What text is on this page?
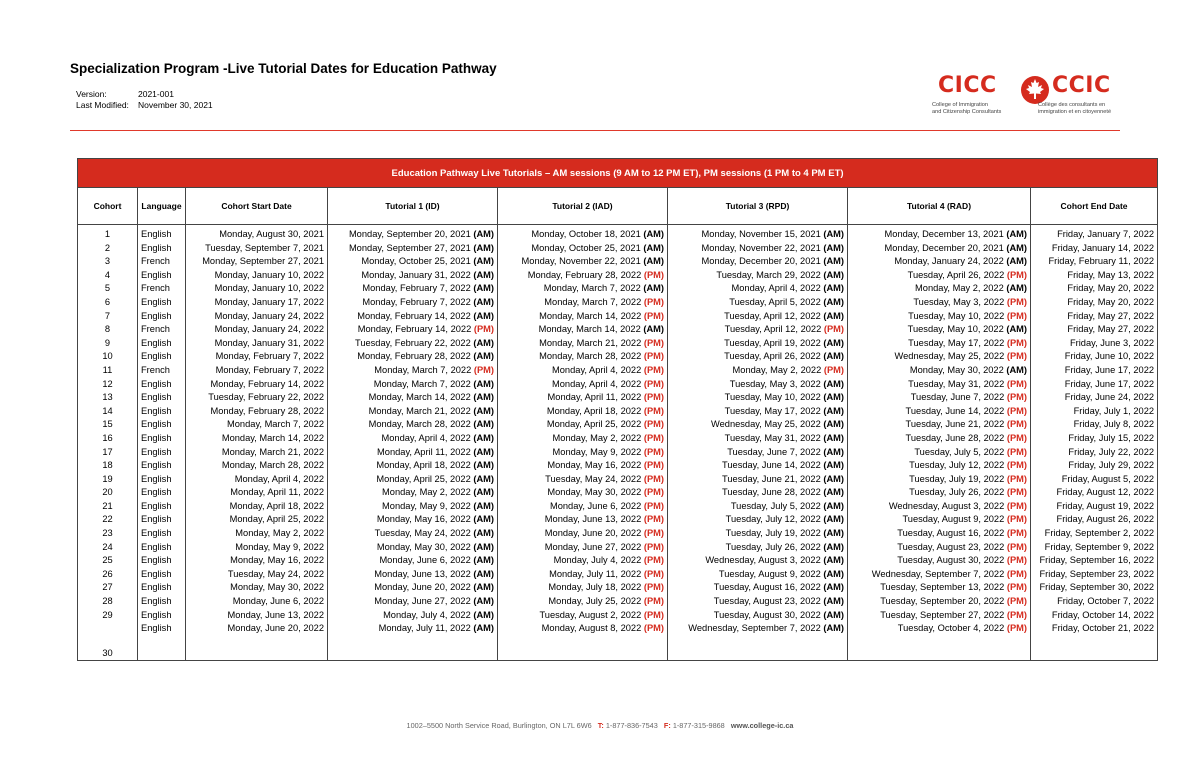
Specialization Program -Live Tutorial Dates for Education Pathway
Version:	2021-001
Last Modified: November 30, 2021
CICC	CCIC
College of Immigration
and Citizenship Consultants
Collège des consultants en
immigration et en citoyenneté
Education Pathway Live Tutorials – AM sessions (9 AM to 12 PM ET), PM sessions (1 PM to 4 PM ET)							
Cohort	Language	Cohort Start Date	Tutorial 1 (ID)	Tutorial 2 (IAD)	Tutorial 3 (RPD)	Tutorial 4 (RAD)	Cohort End Date
1	English	Monday, August 30, 2021	Monday, September 20, 2021 (AM)	Monday, October 18, 2021 (AM)	Monday, November 15, 2021 (AM)	Monday, December 13, 2021 (AM)	Friday, January 7, 2022
2	English	Tuesday, September 7, 2021	Monday, September 27, 2021 (AM)	Monday, October 25, 2021 (AM)	Monday, November 22, 2021 (AM)	Monday, December 20, 2021 (AM)	Friday, January 14, 2022
3	French	Monday, September 27, 2021	Monday, October 25, 2021 (AM)	Monday, November 22, 2021 (AM)	Monday, December 20, 2021 (AM)	Monday, January 24, 2022 (AM)	Friday, February 11, 2022
4	English	Monday, January 10, 2022	Monday, January 31, 2022 (AM)	Monday, February 28, 2022 (PM)	Tuesday, March 29, 2022 (AM)	Tuesday, April 26, 2022 (PM)	Friday, May 13, 2022
5	French	Monday, January 10, 2022	Monday, February 7, 2022 (AM)	Monday, March 7, 2022 (AM)	Monday, April 4, 2022 (AM)	Monday, May 2, 2022 (AM)	Friday, May 20, 2022
6	English	Monday, January 17, 2022	Monday, February 7, 2022 (AM)	Monday, March 7, 2022 (PM)	Tuesday, April 5, 2022 (AM)	Tuesday, May 3, 2022 (PM)	Friday, May 20, 2022
7	English	Monday, January 24, 2022	Monday, February 14, 2022 (AM)	Monday, March 14, 2022 (PM)	Tuesday, April 12, 2022 (AM)	Tuesday, May 10, 2022 (PM)	Friday, May 27, 2022
8	French	Monday, January 24, 2022	Monday, February 14, 2022 (PM)	Monday, March 14, 2022 (AM)	Tuesday, April 12, 2022 (PM)	Tuesday, May 10, 2022 (AM)	Friday, May 27, 2022
9	English	Monday, January 31, 2022	Tuesday, February 22, 2022 (AM)	Monday, March 21, 2022 (PM)	Tuesday, April 19, 2022 (AM)	Tuesday, May 17, 2022 (PM)	Friday, June 3, 2022
10	English	Monday, February 7, 2022	Monday, February 28, 2022 (AM)	Monday, March 28, 2022 (PM)	Tuesday, April 26, 2022 (AM)	Wednesday, May 25, 2022 (PM)	Friday, June 10, 2022
11	French	Monday, February 7, 2022	Monday, March 7, 2022 (PM)	Monday, April 4, 2022 (PM)	Monday, May 2, 2022 (PM)	Monday, May 30, 2022 (AM)	Friday, June 17, 2022
12	English	Monday, February 14, 2022	Monday, March 7, 2022 (AM)	Monday, April 4, 2022 (PM)	Tuesday, May 3, 2022 (AM)	Tuesday, May 31, 2022 (PM)	Friday, June 17, 2022
13	English	Tuesday, February 22, 2022	Monday, March 14, 2022 (AM)	Monday, April 11, 2022 (PM)	Tuesday, May 10, 2022 (AM)	Tuesday, June 7, 2022 (PM)	Friday, June 24, 2022
14	English	Monday, February 28, 2022	Monday, March 21, 2022 (AM)	Monday, April 18, 2022 (PM)	Tuesday, May 17, 2022 (AM)	Tuesday, June 14, 2022 (PM)	Friday, July 1, 2022
15	English	Monday, March 7, 2022	Monday, March 28, 2022 (AM)	Monday, April 25, 2022 (PM)	Wednesday, May 25, 2022 (AM)	Tuesday, June 21, 2022 (PM)	Friday, July 8, 2022
16	English	Monday, March 14, 2022	Monday, April 4, 2022 (AM)	Monday, May 2, 2022 (PM)	Tuesday, May 31, 2022 (AM)	Tuesday, June 28, 2022 (PM)	Friday, July 15, 2022
17	English	Monday, March 21, 2022	Monday, April 11, 2022 (AM)	Monday, May 9, 2022 (PM)	Tuesday, June 7, 2022 (AM)	Tuesday, July 5, 2022 (PM)	Friday, July 22, 2022
18	English	Monday, March 28, 2022	Monday, April 18, 2022 (AM)	Monday, May 16, 2022 (PM)	Tuesday, June 14, 2022 (AM)	Tuesday, July 12, 2022 (PM)	Friday, July 29, 2022
19	English	Monday, April 4, 2022	Monday, April 25, 2022 (AM)	Tuesday, May 24, 2022 (PM)	Tuesday, June 21, 2022 (AM)	Tuesday, July 19, 2022 (PM)	Friday, August 5, 2022
20	English	Monday, April 11, 2022	Monday, May 2, 2022 (AM)	Monday, May 30, 2022 (PM)	Tuesday, June 28, 2022 (AM)	Tuesday, July 26, 2022 (PM)	Friday, August 12, 2022
21	English	Monday, April 18, 2022	Monday, May 9, 2022 (AM)	Monday, June 6, 2022 (PM)	Tuesday, July 5, 2022 (AM)	Wednesday, August 3, 2022 (PM)	Friday, August 19, 2022
22	English	Monday, April 25, 2022	Monday, May 16, 2022 (AM)	Monday, June 13, 2022 (PM)	Tuesday, July 12, 2022 (AM)	Tuesday, August 9, 2022 (PM)	Friday, August 26, 2022
23	English	Monday, May 2, 2022	Tuesday, May 24, 2022 (AM)	Monday, June 20, 2022 (PM)	Tuesday, July 19, 2022 (AM)	Tuesday, August 16, 2022 (PM)	Friday, September 2, 2022
24	English	Monday, May 9, 2022	Monday, May 30, 2022 (AM)	Monday, June 27, 2022 (PM)	Tuesday, July 26, 2022 (AM)	Tuesday, August 23, 2022 (PM)	Friday, September 9, 2022
25	English	Monday, May 16, 2022	Monday, June 6, 2022 (AM)	Monday, July 4, 2022 (PM)	Wednesday, August 3, 2022 (AM)	Tuesday, August 30, 2022 (PM)	Friday, September 16, 2022
26	English	Tuesday, May 24, 2022	Monday, June 13, 2022 (AM)	Monday, July 11, 2022 (PM)	Tuesday, August 9, 2022 (AM)	Wednesday, September 7, 2022 (PM)	Friday, September 23, 2022
27	English	Monday, May 30, 2022	Monday, June 20, 2022 (AM)	Monday, July 18, 2022 (PM)	Tuesday, August 16, 2022 (AM)	Tuesday, September 13, 2022 (PM)	Friday, September 30, 2022
28	English	Monday, June 6, 2022	Monday, June 27, 2022 (AM)	Monday, July 25, 2022 (PM)	Tuesday, August 23, 2022 (AM)	Tuesday, September 20, 2022 (PM)	Friday, October 7, 2022
29	English	Monday, June 13, 2022	Monday, July 4, 2022 (AM)	Tuesday, August 2, 2022 (PM)	Tuesday, August 30, 2022 (AM)	Tuesday, September 27, 2022 (PM)	Friday, October 14, 2022
30	English	Monday, June 20, 2022	Monday, July 11, 2022 (AM)	Monday, August 8, 2022 (PM)	Wednesday, September 7, 2022 (AM)	Tuesday, October 4, 2022 (PM)	Friday, October 21, 2022
1002–5500 North Service Road, Burlington, ON L7L 6W6 T: 1-877-836-7543 F: 1-877-315-9868 www.college-ic.ca
